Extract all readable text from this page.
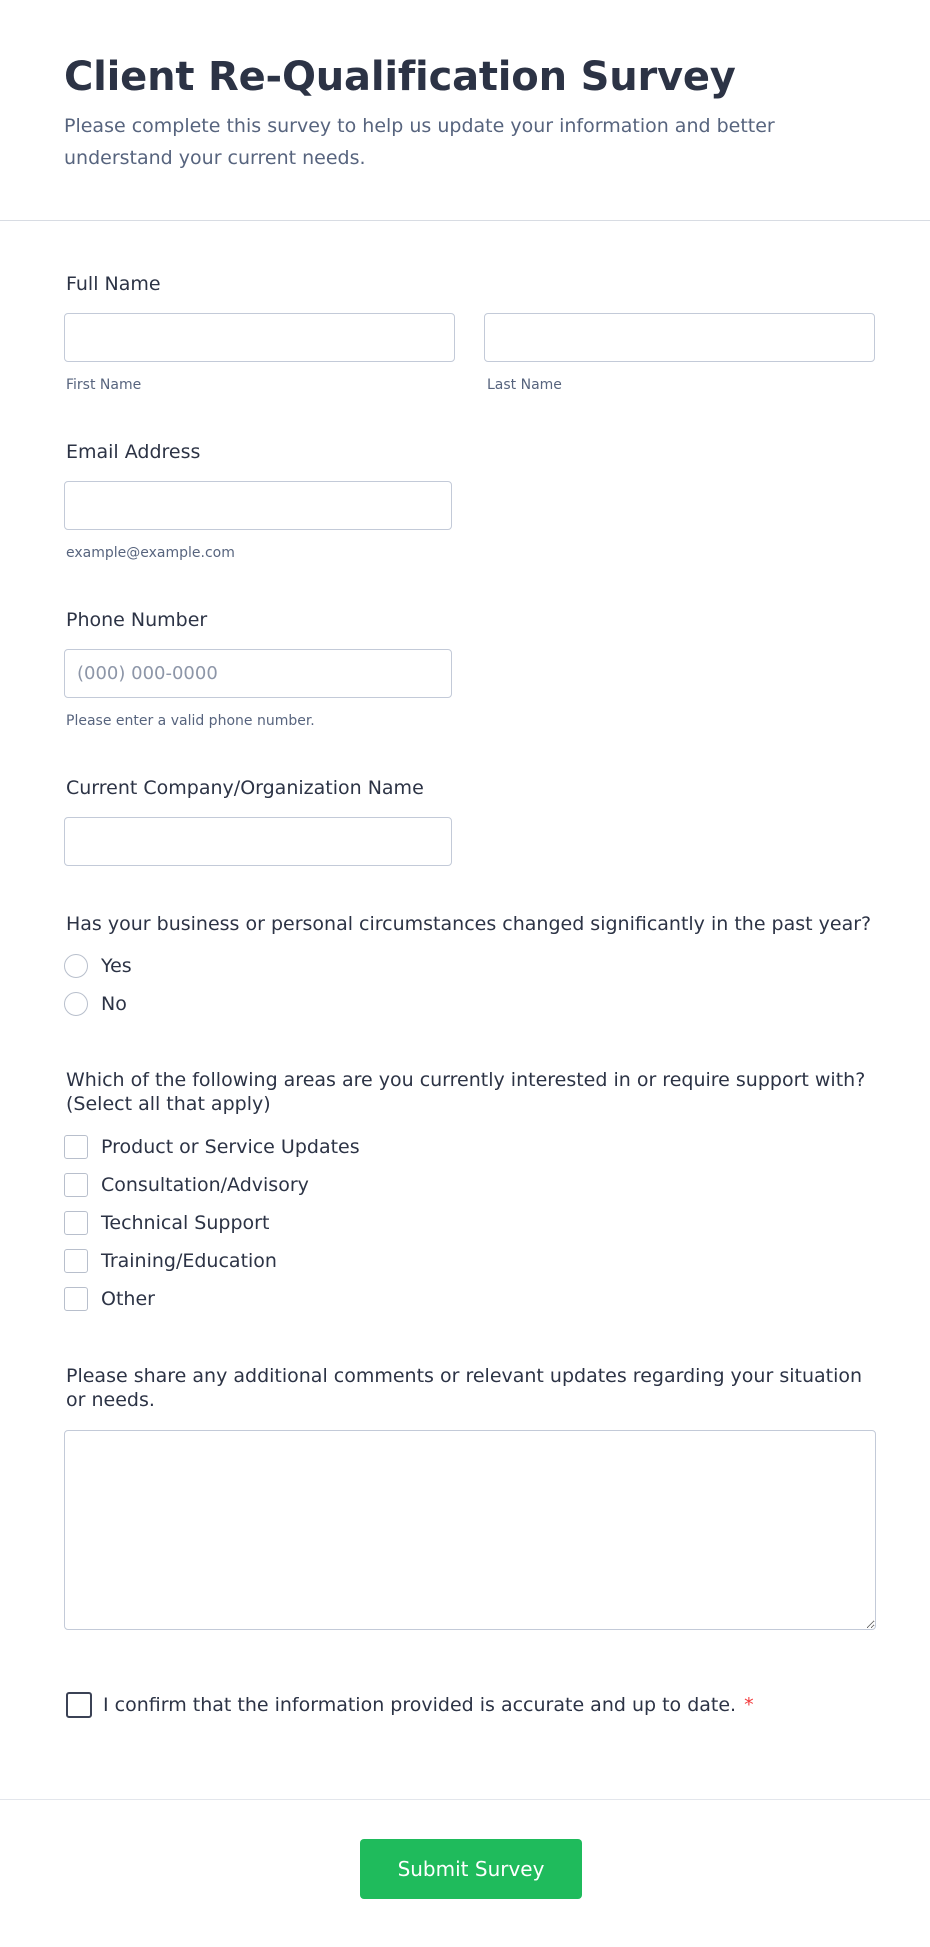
Client Re-Qualification Survey

Please complete this survey to help us update your information and better understand your current needs.

Full Name
First Name	Last Name
Email Address
example@example.com
Phone Number
(000) 000-0000
Please enter a valid phone number.
Current Company/Organization Name
Has your business or personal circumstances changed significantly in the past year?
Yes
No
Which of the following areas are you currently interested in or require support with? (Select all that apply)
Product or Service Updates
Consultation/Advisory
Technical Support
Training/Education
Other
Please share any additional comments or relevant updates regarding your situation or needs.
I confirm that the information provided is accurate and up to date. *
Submit Survey
